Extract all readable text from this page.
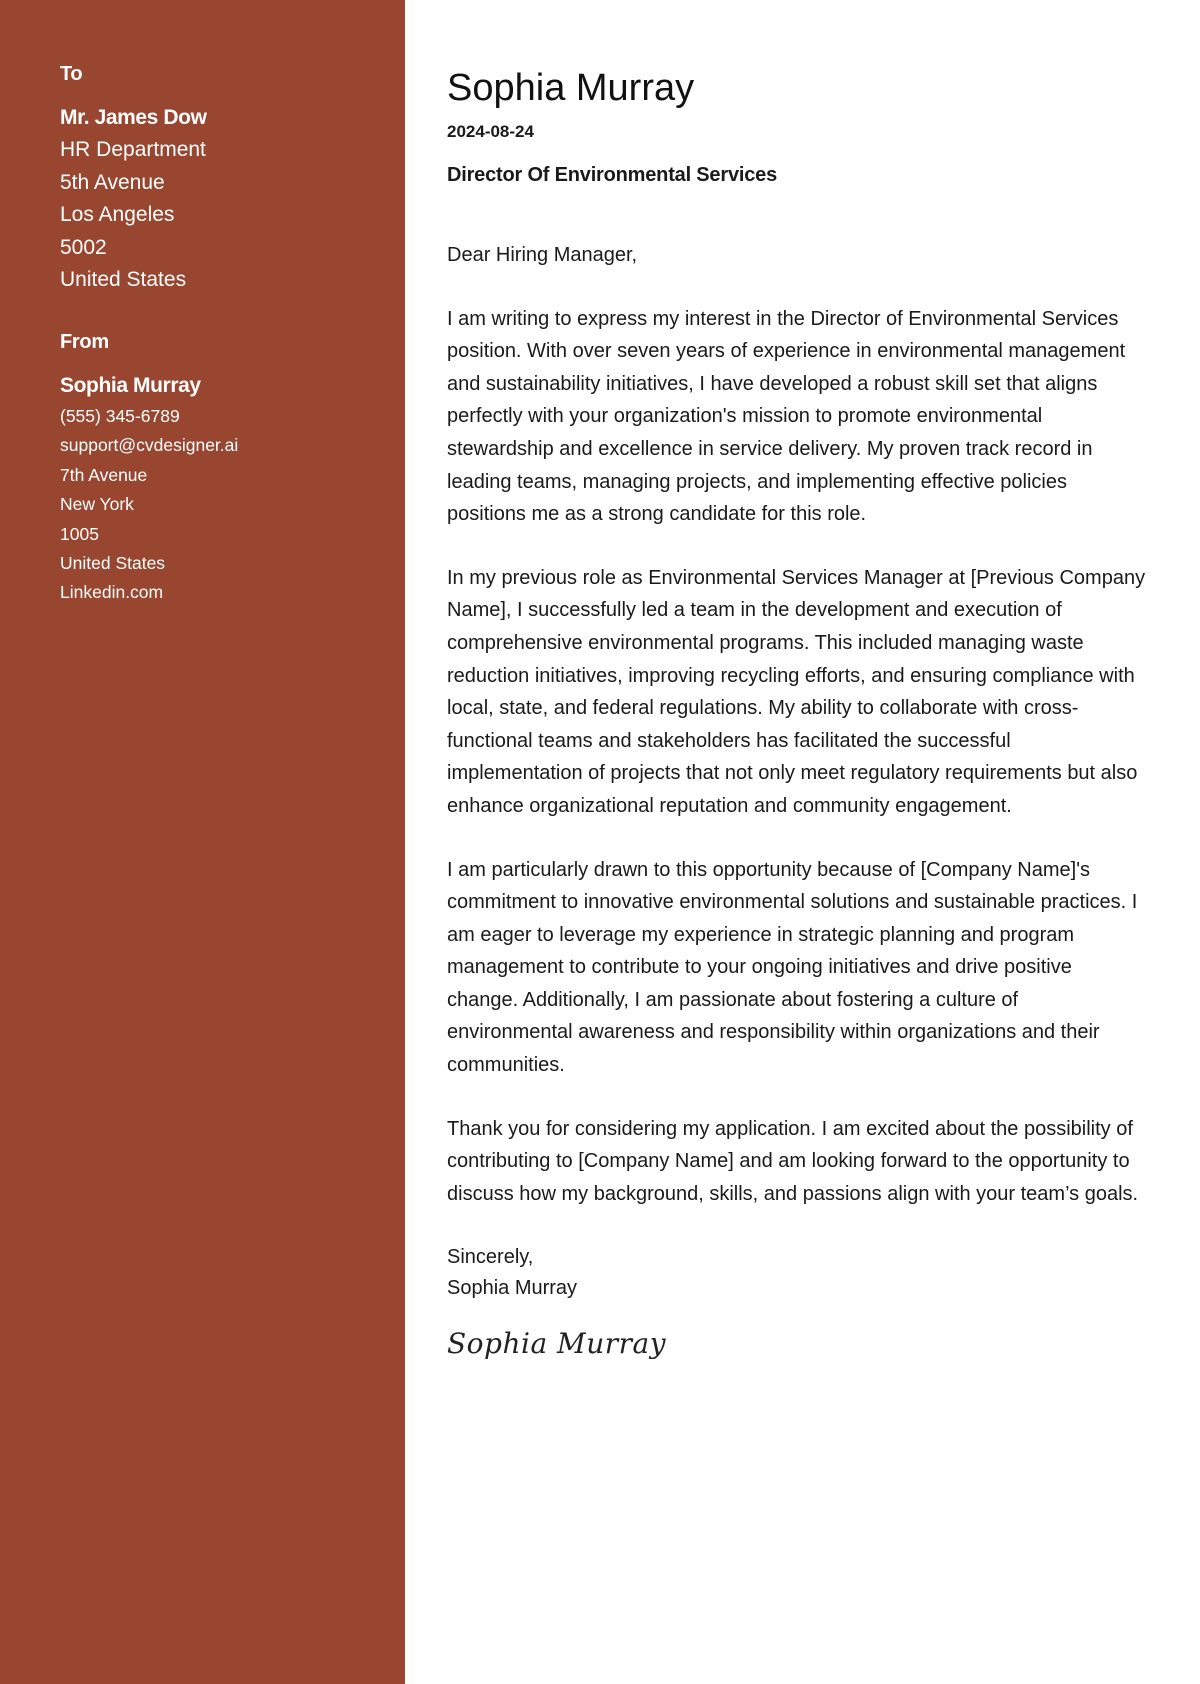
To
Mr. James Dow

HR Department

5th Avenue

Los Angeles

5002

United States

From
Sophia Murray

(555) 345-6789

support@cvdesigner.ai

7th Avenue

New York

1005

United States

Linkedin.com

Sophia Murray
2024-08-24
Director Of Environmental Services

Dear Hiring Manager,

I am writing to express my interest in the Director of Environmental Services position. With over seven years of experience in environmental management and sustainability initiatives, I have developed a robust skill set that aligns perfectly with your organization's mission to promote environmental stewardship and excellence in service delivery. My proven track record in leading teams, managing projects, and implementing effective policies positions me as a strong candidate for this role.

In my previous role as Environmental Services Manager at [Previous Company Name], I successfully led a team in the development and execution of comprehensive environmental programs. This included managing waste reduction initiatives, improving recycling efforts, and ensuring compliance with local, state, and federal regulations. My ability to collaborate with cross-functional teams and stakeholders has facilitated the successful implementation of projects that not only meet regulatory requirements but also enhance organizational reputation and community engagement.

I am particularly drawn to this opportunity because of [Company Name]'s commitment to innovative environmental solutions and sustainable practices. I am eager to leverage my experience in strategic planning and program management to contribute to your ongoing initiatives and drive positive change. Additionally, I am passionate about fostering a culture of environmental awareness and responsibility within organizations and their communities.

Thank you for considering my application. I am excited about the possibility of contributing to [Company Name] and am looking forward to the opportunity to discuss how my background, skills, and passions align with your team’s goals.

Sincerely,
Sophia Murray
Sophia Murray
